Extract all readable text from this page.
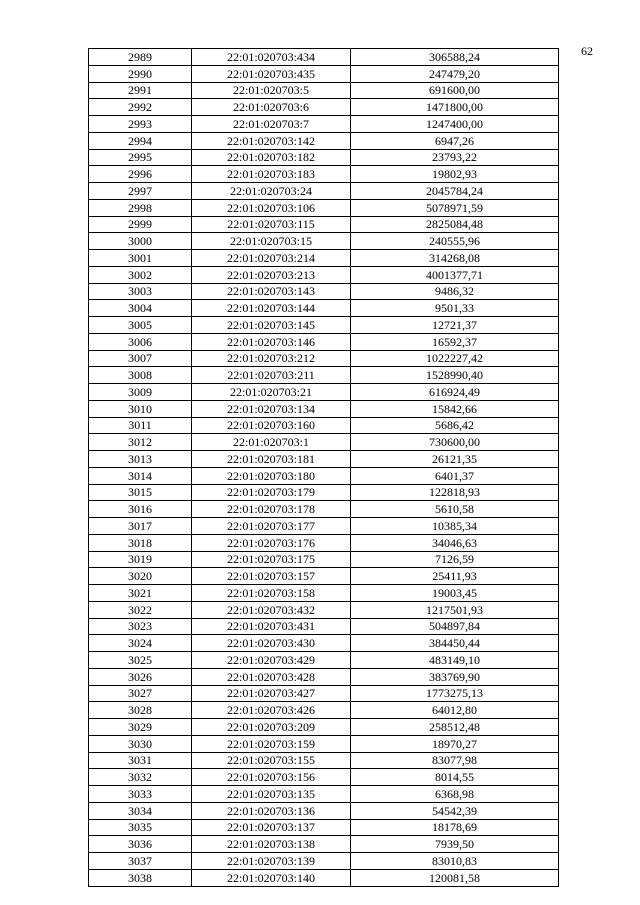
62
2989	22:01:020703:434	306588,24
2990	22:01:020703:435	247479,20
2991	22:01:020703:5	691600,00
2992	22:01:020703:6	1471800,00
2993	22:01:020703:7	1247400,00
2994	22:01:020703:142	6947,26
2995	22:01:020703:182	23793,22
2996	22:01:020703:183	19802,93
2997	22:01:020703:24	2045784,24
2998	22:01:020703:106	5078971,59
2999	22:01:020703:115	2825084,48
3000	22:01:020703:15	240555,96
3001	22:01:020703:214	314268,08
3002	22:01:020703:213	4001377,71
3003	22:01:020703:143	9486,32
3004	22:01:020703:144	9501,33
3005	22:01:020703:145	12721,37
3006	22:01:020703:146	16592,37
3007	22:01:020703:212	1022227,42
3008	22:01:020703:211	1528990,40
3009	22:01:020703:21	616924,49
3010	22:01:020703:134	15842,66
3011	22:01:020703:160	5686,42
3012	22:01:020703:1	730600,00
3013	22:01:020703:181	26121,35
3014	22:01:020703:180	6401,37
3015	22:01:020703:179	122818,93
3016	22:01:020703:178	5610,58
3017	22:01:020703:177	10385,34
3018	22:01:020703:176	34046,63
3019	22:01:020703:175	7126,59
3020	22:01:020703:157	25411,93
3021	22:01:020703:158	19003,45
3022	22:01:020703:432	1217501,93
3023	22:01:020703:431	504897,84
3024	22:01:020703:430	384450,44
3025	22:01:020703:429	483149,10
3026	22:01:020703:428	383769,90
3027	22:01:020703:427	1773275,13
3028	22:01:020703:426	64012,80
3029	22:01:020703:209	258512,48
3030	22:01:020703:159	18970,27
3031	22:01:020703:155	83077,98
3032	22:01:020703:156	8014,55
3033	22:01:020703:135	6368,98
3034	22:01:020703:136	54542,39
3035	22:01:020703:137	18178,69
3036	22:01:020703:138	7939,50
3037	22:01:020703:139	83010,83
3038	22:01:020703:140	120081,58
